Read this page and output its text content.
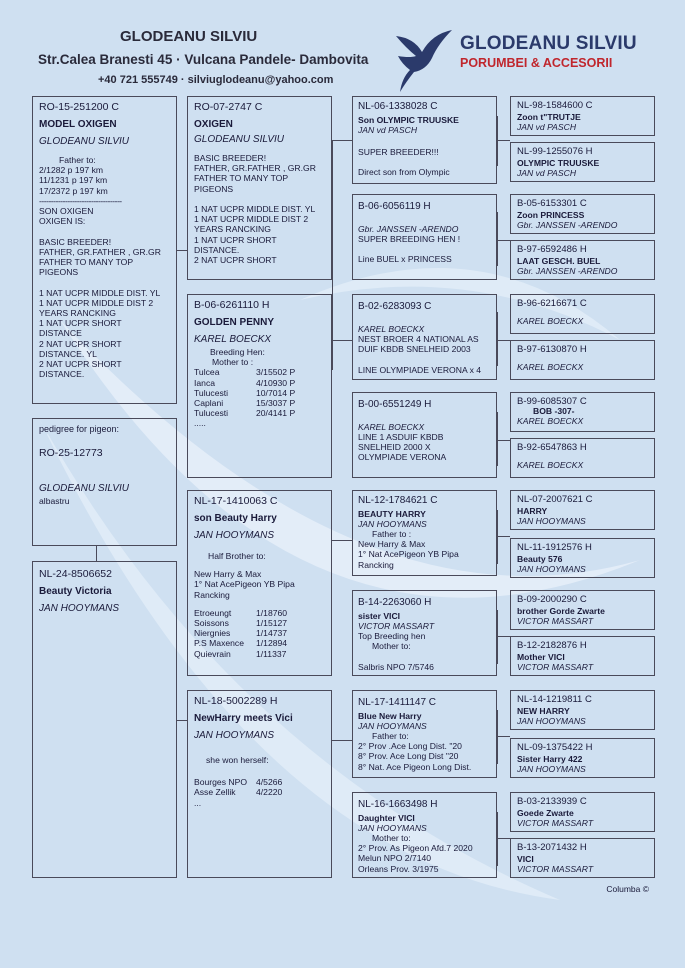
GLODEANU SILVIU
Str.Calea Branesti 45 · Vulcana Pandele- Dambovita
+40 721 555749 · silviuglodeanu@yahoo.com
GLODEANU SILVIU
PORUMBEI & ACCESORII
RO-15-251200 C
MODEL OXIGEN
GLODEANU SILVIU
Father to:
2/1282 p 197 km
11/1231 p 197 km
17/2372 p 197 km
-----------------------------------
SON OXIGEN
OXIGEN IS:

BASIC BREEDER!
FATHER, GR.FATHER , GR.GR
FATHER TO MANY TOP
PIGEONS

1 NAT UCPR MIDDLE DIST. YL
1 NAT UCPR MIDDLE DIST 2
YEARS RANCKING
1 NAT UCPR SHORT
DISTANCE
2 NAT UCPR SHORT
DISTANCE. YL
2 NAT UCPR SHORT
DISTANCE.
pedigree for pigeon:
RO-25-12773
GLODEANU SILVIU
albastru
NL-24-8506652
Beauty Victoria
JAN HOOYMANS
RO-07-2747 C
OXIGEN
GLODEANU SILVIU
BASIC BREEDER!
FATHER, GR.FATHER , GR.GR
FATHER TO MANY TOP
PIGEONS

1 NAT UCPR MIDDLE DIST. YL
1 NAT UCPR MIDDLE DIST 2
YEARS RANCKING
1 NAT UCPR SHORT
DISTANCE.
2 NAT UCPR SHORT
B-06-6261110 H
GOLDEN PENNY
KAREL BOECKX
Breeding Hen:
Mother to :
Tulcea	3/15502 P
Ianca	4/10930 P
Tulucesti	10/7014 P
Caplani	15/3037 P
Tulucesti	20/4141 P
.....
NL-17-1410063 C
son Beauty Harry
JAN HOOYMANS
Half Brother to:
New Harry & Max
1° Nat AcePigeon YB Pipa
Rancking
Etroeungt	1/18760
Soissons	1/15127
Niergnies	1/14737
P.S Maxence	1/12894
Quievrain	1/11337
NL-18-5002289 H
NewHarry meets Vici
JAN HOOYMANS
she won herself:
Bourges NPO	4/5266
Asse Zellik	4/2220
...
NL-06-1338028 C
Son OLYMPIC TRUUSKE
JAN vd PASCH
SUPER BREEDER!!!

Direct son from Olympic
B-06-6056119 H
Gbr. JANSSEN -ARENDO
SUPER BREEDING HEN !

Line BUEL x PRINCESS
B-02-6283093 C
KAREL BOECKX
NEST BROER 4 NATIONAL AS
DUIF KBDB SNELHEID 2003

LINE OLYMPIADE VERONA x 4
B-00-6551249 H
KAREL BOECKX
LINE 1 ASDUIF KBDB
SNELHEID 2000 X
OLYMPIADE VERONA
NL-12-1784621 C
BEAUTY HARRY
JAN HOOYMANS
Father to :
New Harry & Max
1° Nat AcePigeon YB Pipa
Rancking
B-14-2263060 H
sister VICI
VICTOR MASSART
Top Breeding hen
Mother to:

Salbris NPO 7/5746
NL-17-1411147 C
Blue New Harry
JAN HOOYMANS
Father to:
2° Prov .Ace Long Dist. "20
8° Prov. Ace Long Dist "20
8° Nat. Ace Pigeon Long Dist.
NL-16-1663498 H
Daughter VICI
JAN HOOYMANS
Mother to:
2° Prov. As Pigeon Afd.7 2020
Melun NPO 2/7140
Orleans Prov. 3/1975
NL-98-1584600 C
Zoon t"TRUTJE
JAN vd PASCH
NL-99-1255076 H
OLYMPIC TRUUSKE
JAN vd PASCH
B-05-6153301 C
Zoon PRINCESS
Gbr. JANSSEN -ARENDO
B-97-6592486 H
LAAT GESCH. BUEL
Gbr. JANSSEN -ARENDO
B-96-6216671 C
KAREL BOECKX
B-97-6130870 H
KAREL BOECKX
B-99-6085307 C
BOB -307-
KAREL BOECKX
B-92-6547863 H
KAREL BOECKX
NL-07-2007621 C
HARRY
JAN HOOYMANS
NL-11-1912576 H
Beauty 576
JAN HOOYMANS
B-09-2000290 C
brother Gorde Zwarte
VICTOR MASSART
B-12-2182876 H
Mother VICI
VICTOR MASSART
NL-14-1219811 C
NEW HARRY
JAN HOOYMANS
NL-09-1375422 H
Sister Harry 422
JAN HOOYMANS
B-03-2133939 C
Goede Zwarte
VICTOR MASSART
B-13-2071432 H
VICI
VICTOR MASSART
Columba ©
